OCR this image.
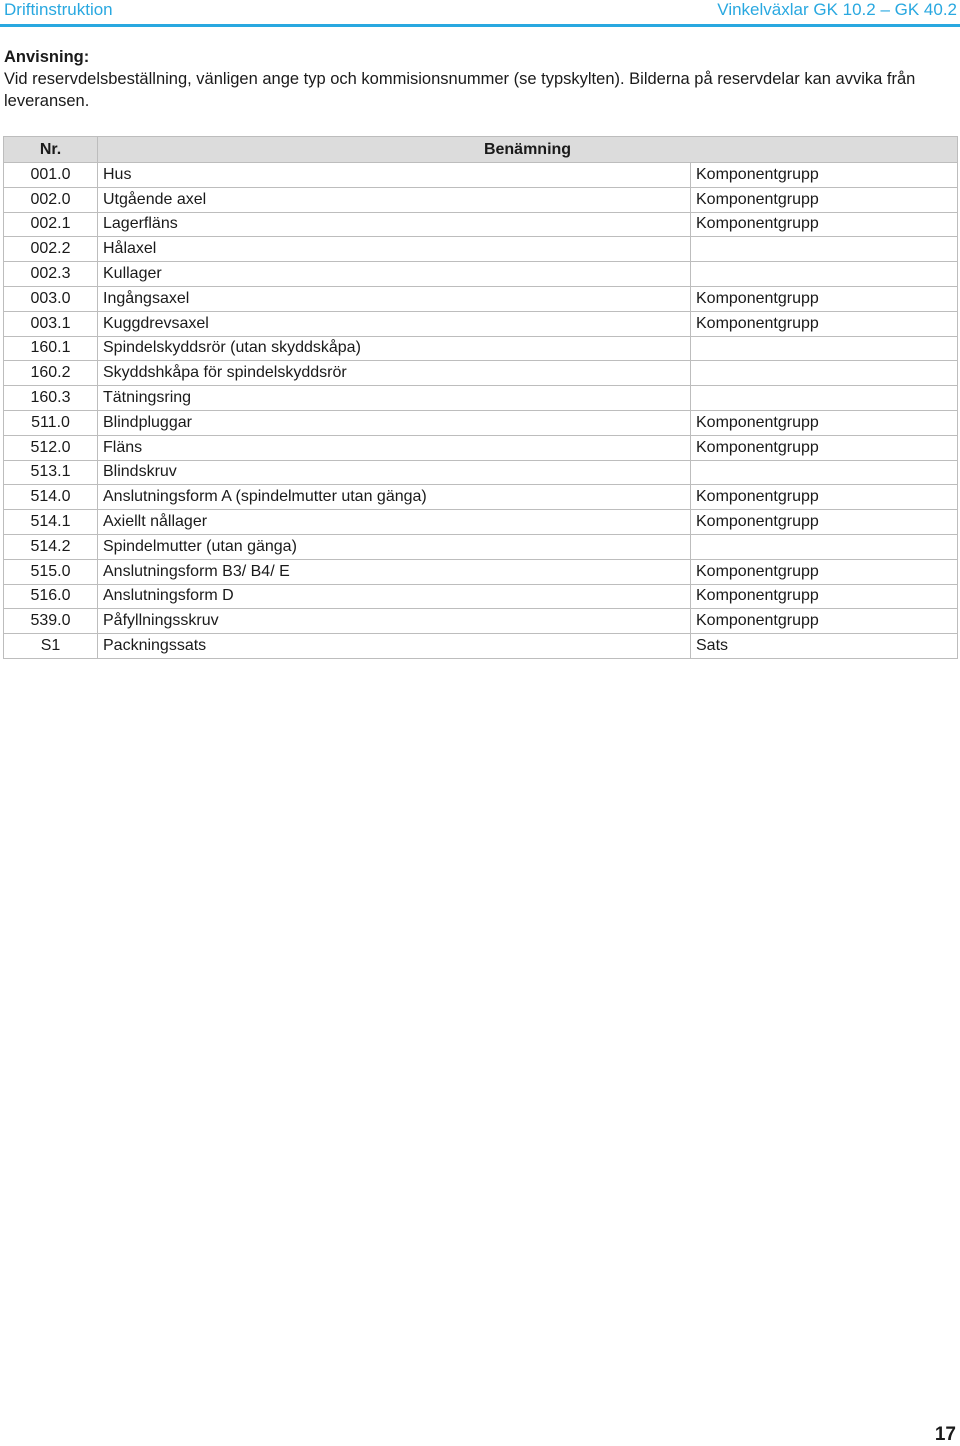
Driftinstruktion	Vinkelväxlar GK 10.2 – GK 40.2
Anvisning:
Vid reservdelsbeställning, vänligen ange typ och kommisionsnummer (se typskylten). Bilderna på reservdelar kan avvika från leveransen.
Nr.	Benämning	
001.0	Hus	Komponentgrupp
002.0	Utgående axel	Komponentgrupp
002.1	Lagerfläns	Komponentgrupp
002.2	Hålaxel	
002.3	Kullager	
003.0	Ingångsaxel	Komponentgrupp
003.1	Kuggdrevsaxel	Komponentgrupp
160.1	Spindelskyddsrör (utan skyddskåpa)	
160.2	Skyddshkåpa för spindelskyddsrör	
160.3	Tätningsring	
511.0	Blindpluggar	Komponentgrupp
512.0	Fläns	Komponentgrupp
513.1	Blindskruv	
514.0	Anslutningsform A (spindelmutter utan gänga)	Komponentgrupp
514.1	Axiellt nållager	Komponentgrupp
514.2	Spindelmutter (utan gänga)	
515.0	Anslutningsform B3/ B4/ E	Komponentgrupp
516.0	Anslutningsform D	Komponentgrupp
539.0	Påfyllningsskruv	Komponentgrupp
S1	Packningssats	Sats
17
